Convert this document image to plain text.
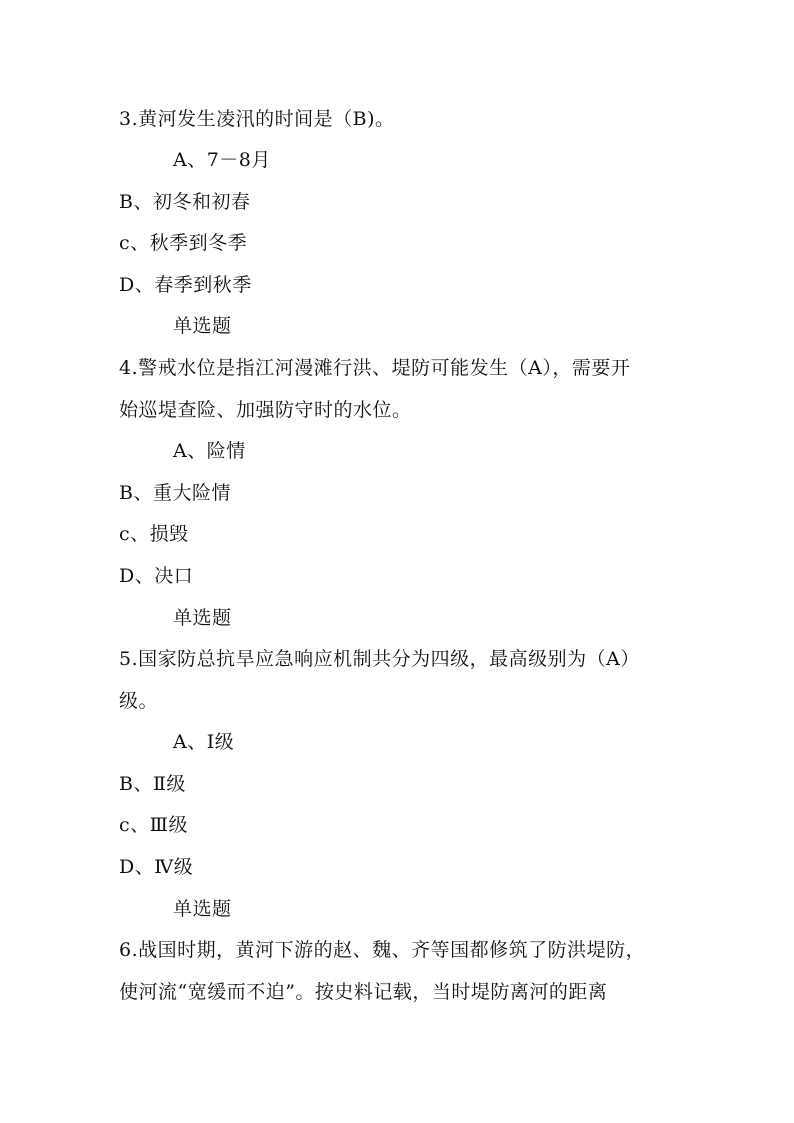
3.黄河发生凌汛的时间是（B)。
A、7－8月
B、初冬和初春
c、秋季到冬季
D、春季到秋季
单选题
4.警戒水位是指江河漫滩行洪、堤防可能发生（A），需要开
始巡堤查险、加强防守时的水位。
A、险情
B、重大险情
c、损毁
D、决口
单选题
5.国家防总抗旱应急响应机制共分为四级，最高级别为（A）
级。
A、Ⅰ级
B、Ⅱ级
c、Ⅲ级
D、Ⅳ级
单选题
6.战国时期，黄河下游的赵、魏、齐等国都修筑了防洪堤防，
使河流“宽缓而不迫”。按史料记载，当时堤防离河的距离
